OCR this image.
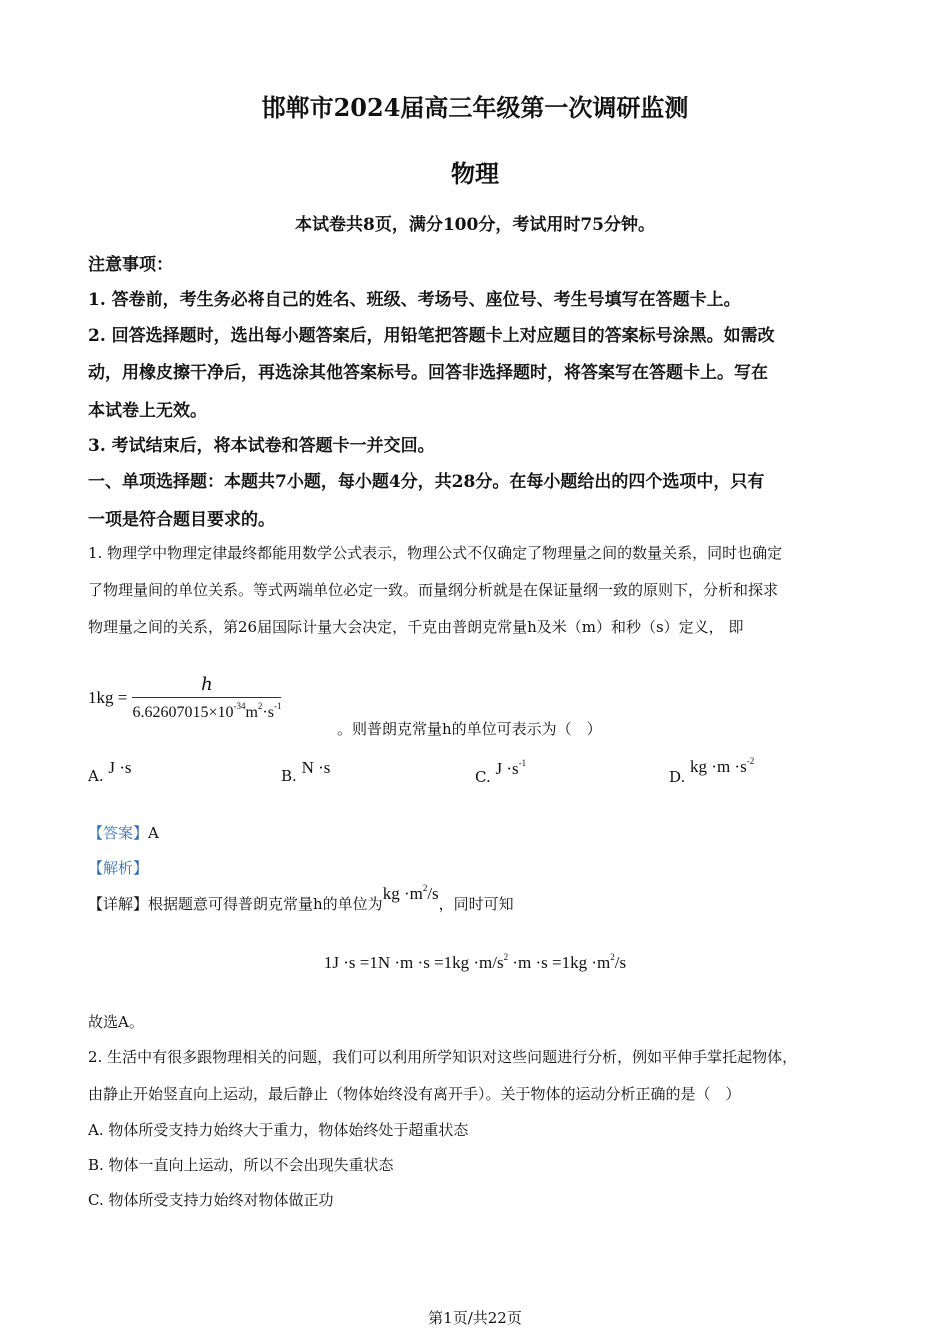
邯郸市2024届高三年级第一次调研监测
物理
本试卷共8页，满分100分，考试用时75分钟。
注意事项：
1. 答卷前，考生务必将自己的姓名、班级、考场号、座位号、考生号填写在答题卡上。
2. 回答选择题时，选出每小题答案后，用铅笔把答题卡上对应题目的答案标号涂黑。如需改
动，用橡皮擦干净后，再选涂其他答案标号。回答非选择题时，将答案写在答题卡上。写在
本试卷上无效。
3. 考试结束后，将本试卷和答题卡一并交回。
一、单项选择题：本题共7小题，每小题4分，共28分。在每小题给出的四个选项中，只有
一项是符合题目要求的。
1. 物理学中物理定律最终都能用数学公式表示，物理公式不仅确定了物理量之间的数量关系，同时也确定
了物理量间的单位关系。等式两端单位必定一致。而量纲分析就是在保证量纲一致的原则下，分析和探求
物理量之间的关系，第26届国际计量大会决定，千克由普朗克常量h及米（m）和秒（s）定义， 即
$1kg = \frac{h}{6.62607015\times 10^{-34}m^2\cdot s^{-1}}$
。则普朗克常量h的单位可表示为（　）
A. J ·s	B. N ·s	C. $J \cdot s^{-1}$
D. kg $\cdot m \cdot s^{-2}$
【答案】A
【解析】
【详解】根据题意可得普朗克常量h的单位为kg $\cdot m^2/s$，同时可知
$1J \cdot s =1N \cdot m \cdot s =1kg \cdot m/s^2 \cdot m \cdot s =1kg \cdot m^2/s$
故选A。
2. 生活中有很多跟物理相关的问题，我们可以利用所学知识对这些问题进行分析，例如平伸手掌托起物体，
由静止开始竖直向上运动，最后静止（物体始终没有离开手）。关于物体的运动分析正确的是（　）
A. 物体所受支持力始终大于重力，物体始终处于超重状态
B. 物体一直向上运动，所以不会出现失重状态
C. 物体所受支持力始终对物体做正功
第1页/共22页
